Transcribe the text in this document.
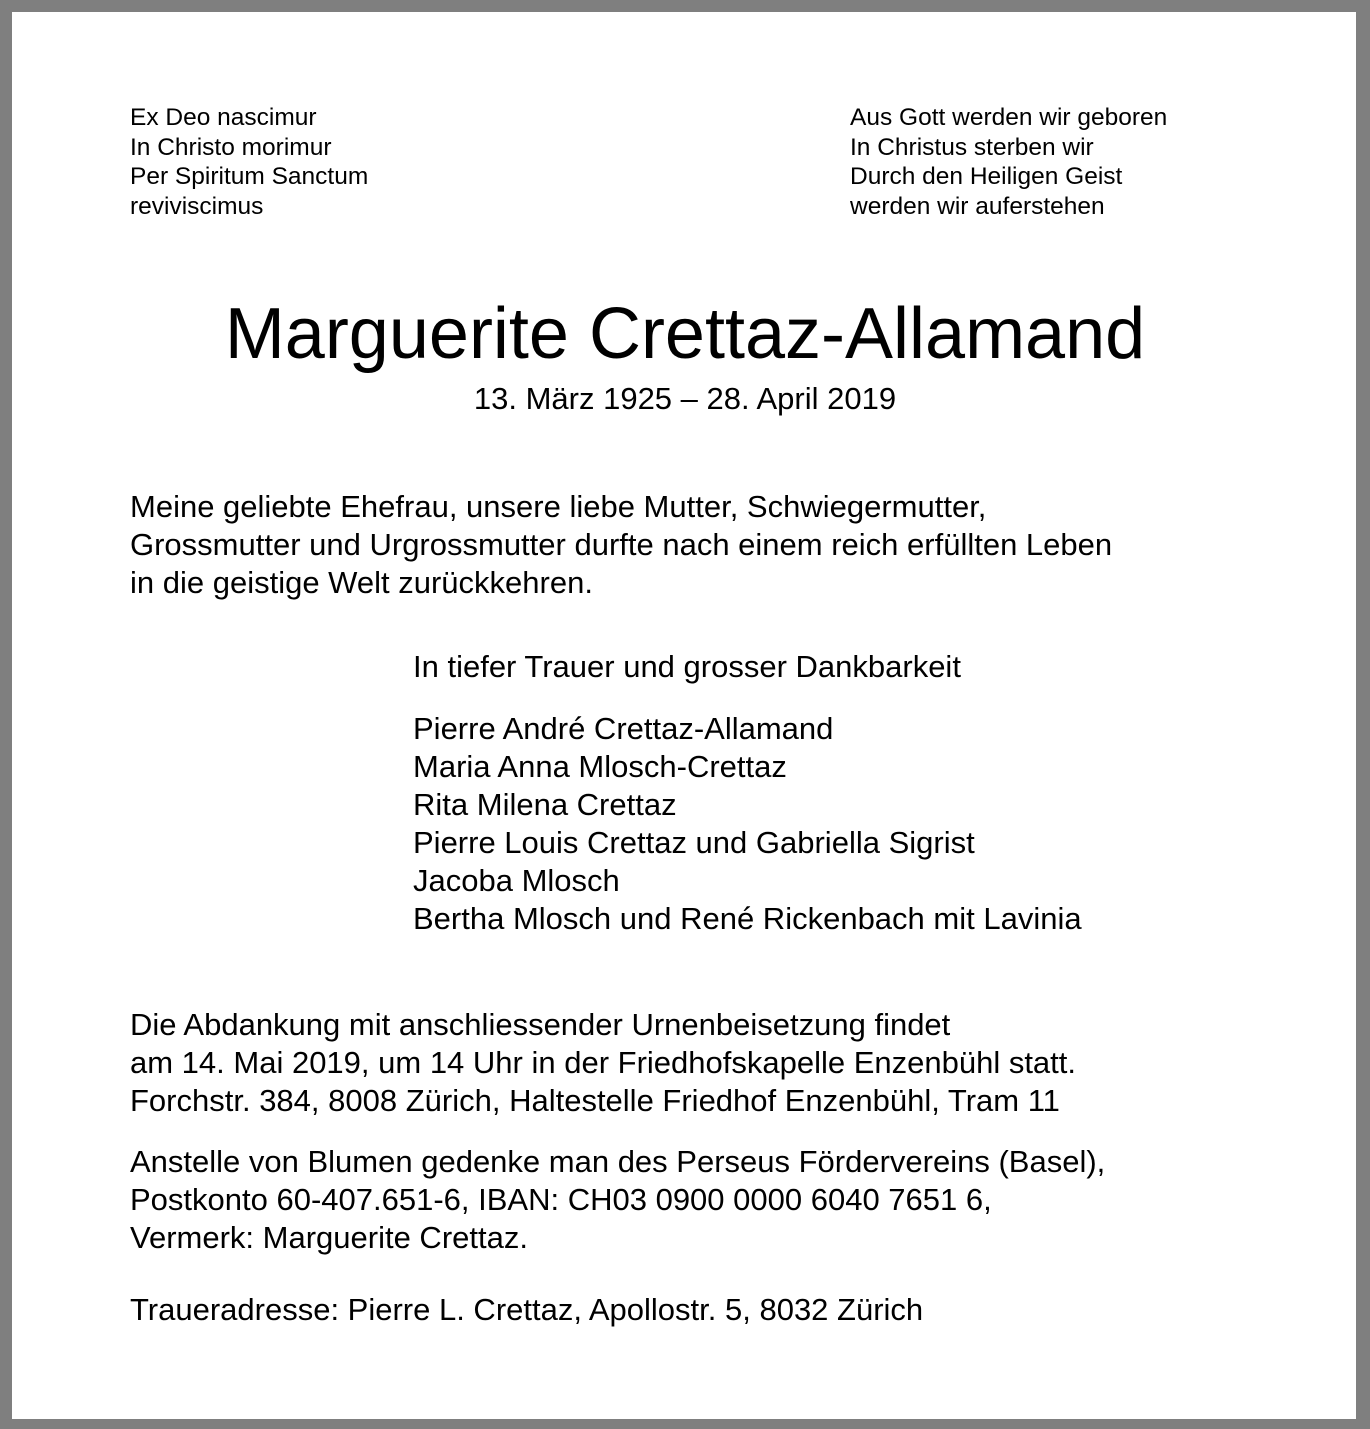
Ex Deo nascimur
In Christo morimur
Per Spiritum Sanctum
reviviscimus
Aus Gott werden wir geboren
In Christus sterben wir
Durch den Heiligen Geist
werden wir auferstehen
Marguerite Crettaz-Allamand
13. März 1925 – 28. April 2019
Meine geliebte Ehefrau, unsere liebe Mutter, Schwiegermutter,
Grossmutter und Urgrossmutter durfte nach einem reich erfüllten Leben
in die geistige Welt zurückkehren.
In tiefer Trauer und grosser Dankbarkeit
Pierre André Crettaz-Allamand
Maria Anna Mlosch-Crettaz
Rita Milena Crettaz
Pierre Louis Crettaz und Gabriella Sigrist
Jacoba Mlosch
Bertha Mlosch und René Rickenbach mit Lavinia
Die Abdankung mit anschliessender Urnenbeisetzung findet
am 14. Mai 2019, um 14 Uhr in der Friedhofskapelle Enzenbühl statt.
Forchstr. 384, 8008 Zürich, Haltestelle Friedhof Enzenbühl, Tram 11
Anstelle von Blumen gedenke man des Perseus Fördervereins (Basel),
Postkonto 60-407.651-6, IBAN: CH03 0900 0000 6040 7651 6,
Vermerk: Marguerite Crettaz.
Traueradresse: Pierre L. Crettaz, Apollostr. 5, 8032 Zürich
